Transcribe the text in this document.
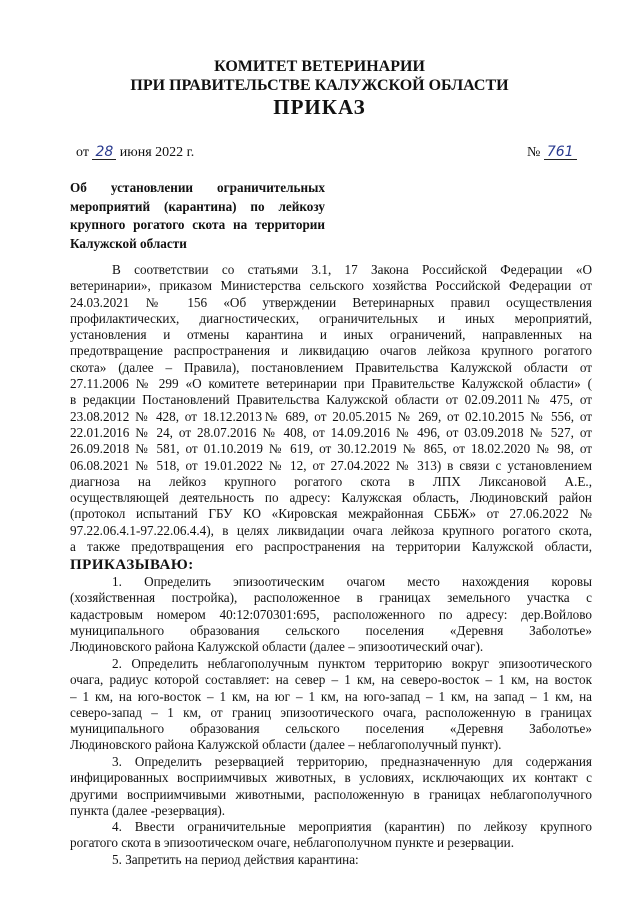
КОМИТЕТ ВЕТЕРИНАРИИ
ПРИ ПРАВИТЕЛЬСТВЕ КАЛУЖСКОЙ ОБЛАСТИ
ПРИКАЗ
от 28 июня 2022 г.	№ 761
Об установлении ограничительных
мероприятий (карантина) по лейкозу
крупного рогатого скота на территории
Калужской области
В соответствии со статьями 3.1, 17 Закона Российской Федерации «О
ветеринарии», приказом Министерства сельского хозяйства Российской Федерации от
24.03.2021 № 156 «Об утверждении Ветеринарных правил осуществления
профилактических, диагностических, ограничительных и иных мероприятий,
установления и отмены карантина и иных ограничений, направленных на
предотвращение распространения и ликвидацию очагов лейкоза крупного рогатого
скота» (далее – Правила), постановлением Правительства Калужской области от
27.11.2006 № 299 «О комитете ветеринарии при Правительстве Калужской области» (
в редакции Постановлений Правительства Калужской области от 02.09.2011№ 475, от
23.08.2012 № 428, от 18.12.2013№ 689, от 20.05.2015 № 269, от 02.10.2015 № 556, от
22.01.2016 № 24, от 28.07.2016 № 408, от 14.09.2016 № 496, от 03.09.2018 № 527, от
26.09.2018 № 581, от 01.10.2019 № 619, от 30.12.2019 № 865, от 18.02.2020 № 98, от
06.08.2021 № 518, от 19.01.2022 № 12, от 27.04.2022 № 313) в связи с установлением
диагноза на лейкоз крупного рогатого скота в ЛПХ Ликсановой А.Е.,
осуществляющей деятельность по адресу: Калужская область, Людиновский район
(протокол испытаний ГБУ КО «Кировская межрайонная СББЖ» от 27.06.2022 №
97.22.06.4.1-97.22.06.4.4), в целях ликвидации очага лейкоза крупного рогатого скота,
а также предотвращения его распространения на территории Калужской области,
ПРИКАЗЫВАЮ:
1. Определить эпизоотическим очагом место нахождения коровы
(хозяйственная постройка), расположенное в границах земельного участка с
кадастровым номером 40:12:070301:695, расположенного по адресу: дер.Войлово
муниципального образования сельского поселения «Деревня Заболотье»
Людиновского района Калужской области (далее – эпизоотический очаг).
2. Определить неблагополучным пунктом территорию вокруг эпизоотического
очага, радиус которой составляет: на север – 1 км, на северо-восток – 1 км, на восток
– 1 км, на юго-восток – 1 км, на юг – 1 км, на юго-запад – 1 км, на запад – 1 км, на
северо-запад – 1 км, от границ эпизоотического очага, расположенную в границах
муниципального образования сельского поселения «Деревня Заболотье»
Людиновского района Калужской области (далее – неблагополучный пункт).
3. Определить резервацией территорию, предназначенную для содержания
инфицированных восприимчивых животных, в условиях, исключающих их контакт с
другими восприимчивыми животными, расположенную в границах неблагополучного
пункта (далее -резервация).
4. Ввести ограничительные мероприятия (карантин) по лейкозу крупного
рогатого скота в эпизоотическом очаге, неблагополучном пункте и резервации.
5. Запретить на период действия карантина:
